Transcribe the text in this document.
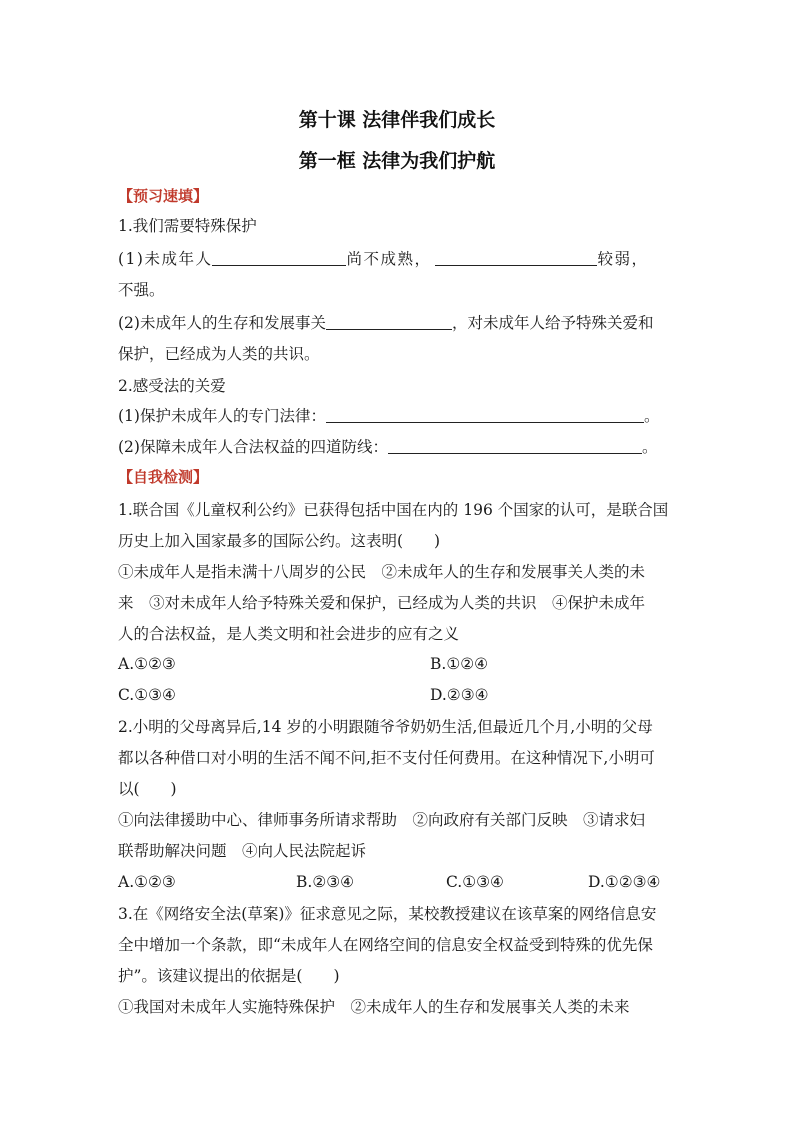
第十课 法律伴我们成长
第一框 法律为我们护航
【预习速填】
1.我们需要特殊保护
(1)未成年人	尚不成熟，	较弱，
不强。
(2)未成年人的生存和发展事关	，对未成年人给予特殊关爱和
保护，已经成为人类的共识。
2.感受法的关爱
(1)保护未成年人的专门法律：	。
(2)保障未成年人合法权益的四道防线：	。
【自我检测】
1.联合国《儿童权利公约》已获得包括中国在内的 196 个国家的认可，是联合国
历史上加入国家最多的国际公约。这表明(　　)
①未成年人是指未满十八周岁的公民　②未成年人的生存和发展事关人类的未
来　③对未成年人给予特殊关爱和保护，已经成为人类的共识　④保护未成年
人的合法权益，是人类文明和社会进步的应有之义
A.①②③	B.①②④
C.①③④	D.②③④
2.小明的父母离异后,14 岁的小明跟随爷爷奶奶生活,但最近几个月,小明的父母
都以各种借口对小明的生活不闻不问,拒不支付任何费用。在这种情况下,小明可
以(　　)
①向法律援助中心、律师事务所请求帮助　②向政府有关部门反映　③请求妇
联帮助解决问题　④向人民法院起诉
A.①②③	B.②③④	C.①③④	D.①②③④
3.在《网络安全法(草案)》征求意见之际，某校教授建议在该草案的网络信息安
全中增加一个条款，即“未成年人在网络空间的信息安全权益受到特殊的优先保
护”。该建议提出的依据是(　　)
①我国对未成年人实施特殊保护　②未成年人的生存和发展事关人类的未来
